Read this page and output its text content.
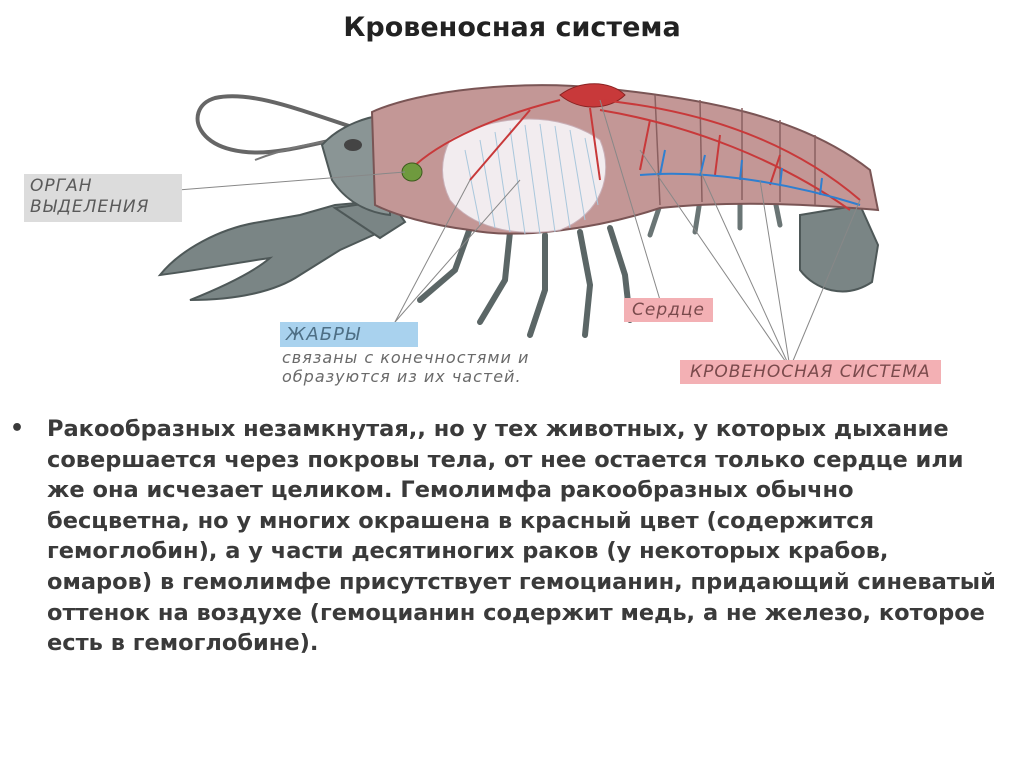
Кровеносная система
ОРГАН ВЫДЕЛЕНИЯ
ЖАБРЫ
связаны с конечностями и образуются из их частей.
Сердце
КРОВЕНОСНАЯ СИСТЕМА
• Ракообразных незамкнутая,, но у тех животных, у которых дыхание совершается через покровы тела, от нее остается только сердце или же она исчезает целиком. Гемолимфа ракообразных обычно бесцветна, но у многих окрашена в красный цвет (содержится гемоглобин), а у части десятиногих раков (у некоторых крабов, омаров) в гемолимфе присутствует гемоцианин, придающий синеватый оттенок на воздухе (гемоцианин содержит медь, а не железо, которое есть в гемоглобине).
